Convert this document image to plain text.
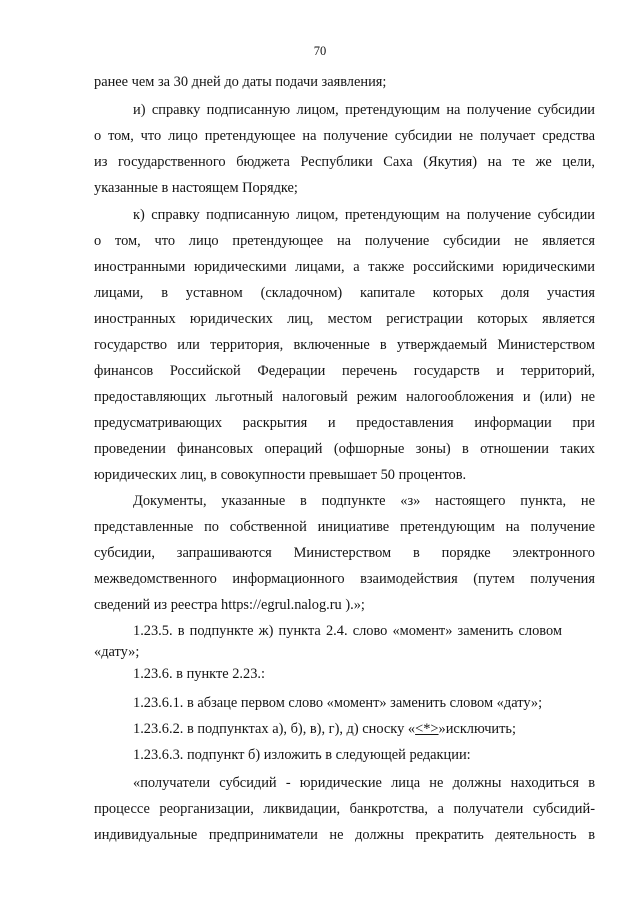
70
ранее чем за 30 дней до даты подачи заявления;
и) справку подписанную лицом, претендующим на получение субсидии
о том, что лицо претендующее на получение субсидии не получает средства
из государственного бюджета Республики Саха (Якутия) на те же цели,
указанные в настоящем Порядке;
к) справку подписанную лицом, претендующим на получение субсидии
о том, что лицо претендующее на получение субсидии не является
иностранными юридическими лицами, а также российскими юридическими
лицами, в уставном (складочном) капитале которых доля участия
иностранных юридических лиц, местом регистрации которых является
государство или территория, включенные в утверждаемый Министерством
финансов Российской Федерации перечень государств и территорий,
предоставляющих льготный налоговый режим налогообложения и (или) не
предусматривающих раскрытия и предоставления информации при
проведении финансовых операций (офшорные зоны) в отношении таких
юридических лиц, в совокупности превышает 50 процентов.
Документы, указанные в подпункте «з» настоящего пункта, не
представленные по собственной инициативе претендующим на получение
субсидии, запрашиваются Министерством в порядке электронного
межведомственного информационного взаимодействия (путем получения
сведений из реестра https://egrul.nalog.ru ).»;
1.23.5. в подпункте ж) пункта 2.4. слово «момент» заменить словом
«дату»;
1.23.6. в пункте 2.23.:
1.23.6.1. в абзаце первом слово «момент» заменить словом «дату»;
1.23.6.2. в подпунктах а), б), в), г), д) сноску «<*>»исключить;
1.23.6.3. подпункт б) изложить в следующей редакции:
«получатели субсидий - юридические лица не должны находиться в
процессе реорганизации, ликвидации, банкротства, а получатели субсидий-
индивидуальные предприниматели не должны прекратить деятельность в
